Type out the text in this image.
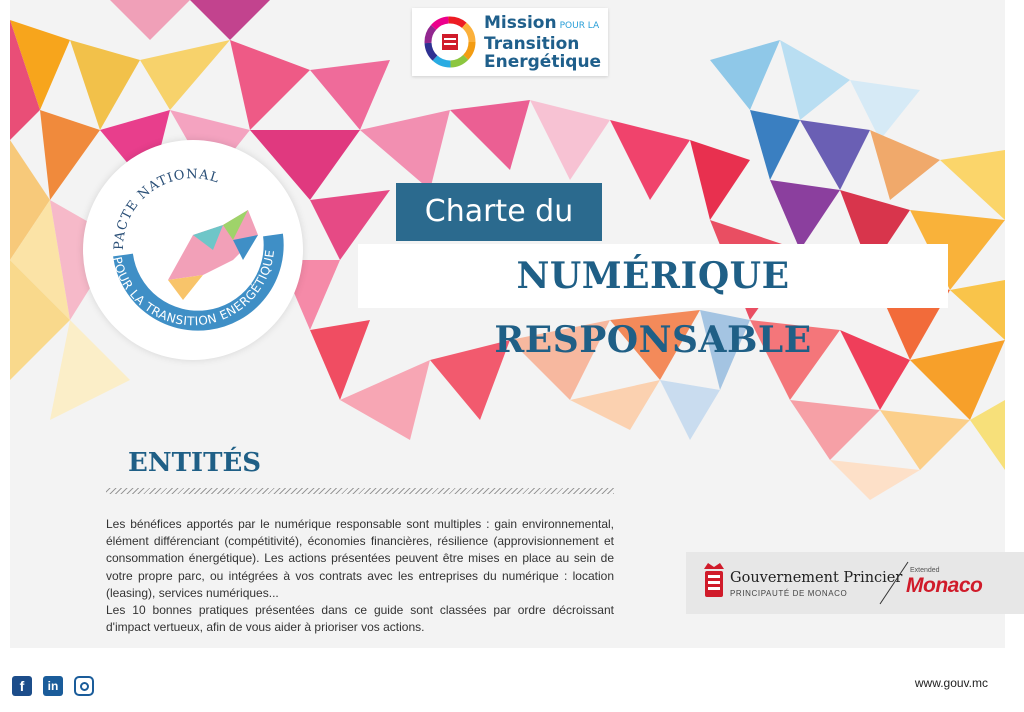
PACTE NATIONAL
POUR LA TRANSITION ENERGÉTIQUE
Charte du
NUMÉRIQUE RESPONSABLE
ENTITÉS

Les bénéfices apportés par le numérique responsable sont multiples : gain environnemental, élément différenciant (compétitivité), économies financières, résilience (approvisionnement et consommation énergétique). Les actions présentées peuvent être mises en place au sein de votre propre parc, ou intégrées à vos contrats avec les entreprises du numérique : location (leasing), services numériques...

Les 10 bonnes pratiques présentées dans ce guide sont classées par ordre décroissant d'impact vertueux, afin de vous aider à prioriser vos actions.

Mission POUR LA
Transition
Energétique
Gouvernement Princier
PRINCIPAUTÉ DE MONACO
Extended
Monaco
f	in	www.gouv.mc
